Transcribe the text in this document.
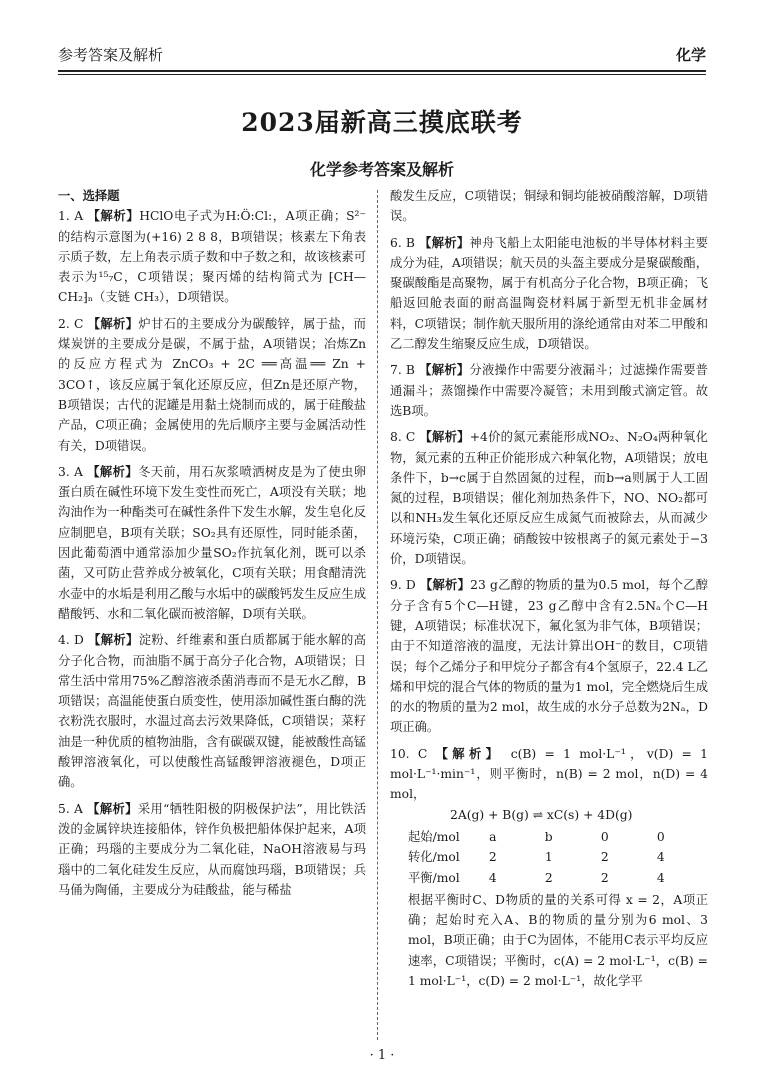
参考答案及解析	化学
2023届新高三摸底联考
化学参考答案及解析
一、选择题
1. A 【解析】HClO电子式为H:Ö:Cl:，A项正确；S²⁻的结构示意图为(+16) 2 8 8，B项错误；核素左下角表示质子数，左上角表示质子数和中子数之和，故该核素可表示为¹⁵₇C，C项错误；聚丙烯的结构简式为 ⁅CH—CH₂⁆ₙ（支链 CH₃），D项错误。
2. C 【解析】炉甘石的主要成分为碳酸锌，属于盐，而煤炭饼的主要成分是碳，不属于盐，A项错误；冶炼Zn的反应方程式为 ZnCO₃ + 2C ══高温══ Zn + 3CO↑，该反应属于氧化还原反应，但Zn是还原产物，B项错误；古代的泥罐是用黏土烧制而成的，属于硅酸盐产品，C项正确；金属使用的先后顺序主要与金属活动性有关，D项错误。
3. A 【解析】冬天前，用石灰浆喷洒树皮是为了使虫卵蛋白质在碱性环境下发生变性而死亡，A项没有关联；地沟油作为一种酯类可在碱性条件下发生水解，发生皂化反应制肥皂，B项有关联；SO₂具有还原性，同时能杀菌，因此葡萄酒中通常添加少量SO₂作抗氧化剂，既可以杀菌，又可防止营养成分被氧化，C项有关联；用食醋清洗水壶中的水垢是利用乙酸与水垢中的碳酸钙发生反应生成醋酸钙、水和二氧化碳而被溶解，D项有关联。
4. D 【解析】淀粉、纤维素和蛋白质都属于能水解的高分子化合物，而油脂不属于高分子化合物，A项错误；日常生活中常用75%乙醇溶液杀菌消毒而不是无水乙醇，B项错误；高温能使蛋白质变性，使用添加碱性蛋白酶的洗衣粉洗衣服时，水温过高去污效果降低，C项错误；菜籽油是一种优质的植物油脂，含有碳碳双键，能被酸性高锰酸钾溶液氧化，可以使酸性高锰酸钾溶液褪色，D项正确。
5. A 【解析】采用“牺牲阳极的阴极保护法”，用比铁活泼的金属锌块连接船体，锌作负极把船体保护起来，A项正确；玛瑙的主要成分为二氧化硅，NaOH溶液易与玛瑙中的二氧化硅发生反应，从而腐蚀玛瑙，B项错误；兵马俑为陶俑，主要成分为硅酸盐，能与稀盐
酸发生反应，C项错误；铜绿和铜均能被硝酸溶解，D项错误。
6. B 【解析】神舟飞船上太阳能电池板的半导体材料主要成分为硅，A项错误；航天员的头盔主要成分是聚碳酸酯，聚碳酸酯是高聚物，属于有机高分子化合物，B项正确；飞船返回舱表面的耐高温陶瓷材料属于新型无机非金属材料，C项错误；制作航天服所用的涤纶通常由对苯二甲酸和乙二醇发生缩聚反应生成，D项错误。
7. B 【解析】分液操作中需要分液漏斗；过滤操作需要普通漏斗；蒸馏操作中需要冷凝管；未用到酸式滴定管。故选B项。
8. C 【解析】+4价的氮元素能形成NO₂、N₂O₄两种氧化物，氮元素的五种正价能形成六种氧化物，A项错误；放电条件下，b→c属于自然固氮的过程，而b→a则属于人工固氮的过程，B项错误；催化剂加热条件下，NO、NO₂都可以和NH₃发生氧化还原反应生成氮气而被除去，从而减少环境污染，C项正确；硝酸铵中铵根离子的氮元素处于−3价，D项错误。
9. D 【解析】23 g乙醇的物质的量为0.5 mol，每个乙醇分子含有5个C—H键，23 g乙醇中含有2.5Nₐ个C—H键，A项错误；标准状况下，氟化氢为非气体，B项错误；由于不知道溶液的温度，无法计算出OH⁻的数目，C项错误；每个乙烯分子和甲烷分子都含有4个氢原子，22.4 L乙烯和甲烷的混合气体的物质的量为1 mol，完全燃烧后生成的水的物质的量为2 mol，故生成的水分子总数为2Nₐ，D项正确。
10. C 【解析】 c(B) = 1 mol·L⁻¹，v(D) = 1 mol·L⁻¹·min⁻¹，则平衡时，n(B) = 2 mol，n(D) = 4 mol，
2A(g) + B(g) ⇌ xC(s) + 4D(g)
起始/mol	a	b	0	0
转化/mol	2	1	2	4
平衡/mol	4	2	2	4
根据平衡时C、D物质的量的关系可得 x = 2，A项正确；起始时充入A、B的物质的量分别为6 mol、3 mol，B项正确；由于C为固体，不能用C表示平均反应速率，C项错误；平衡时，c(A) = 2 mol·L⁻¹，c(B) = 1 mol·L⁻¹，c(D) = 2 mol·L⁻¹，故化学平
· 1 ·
